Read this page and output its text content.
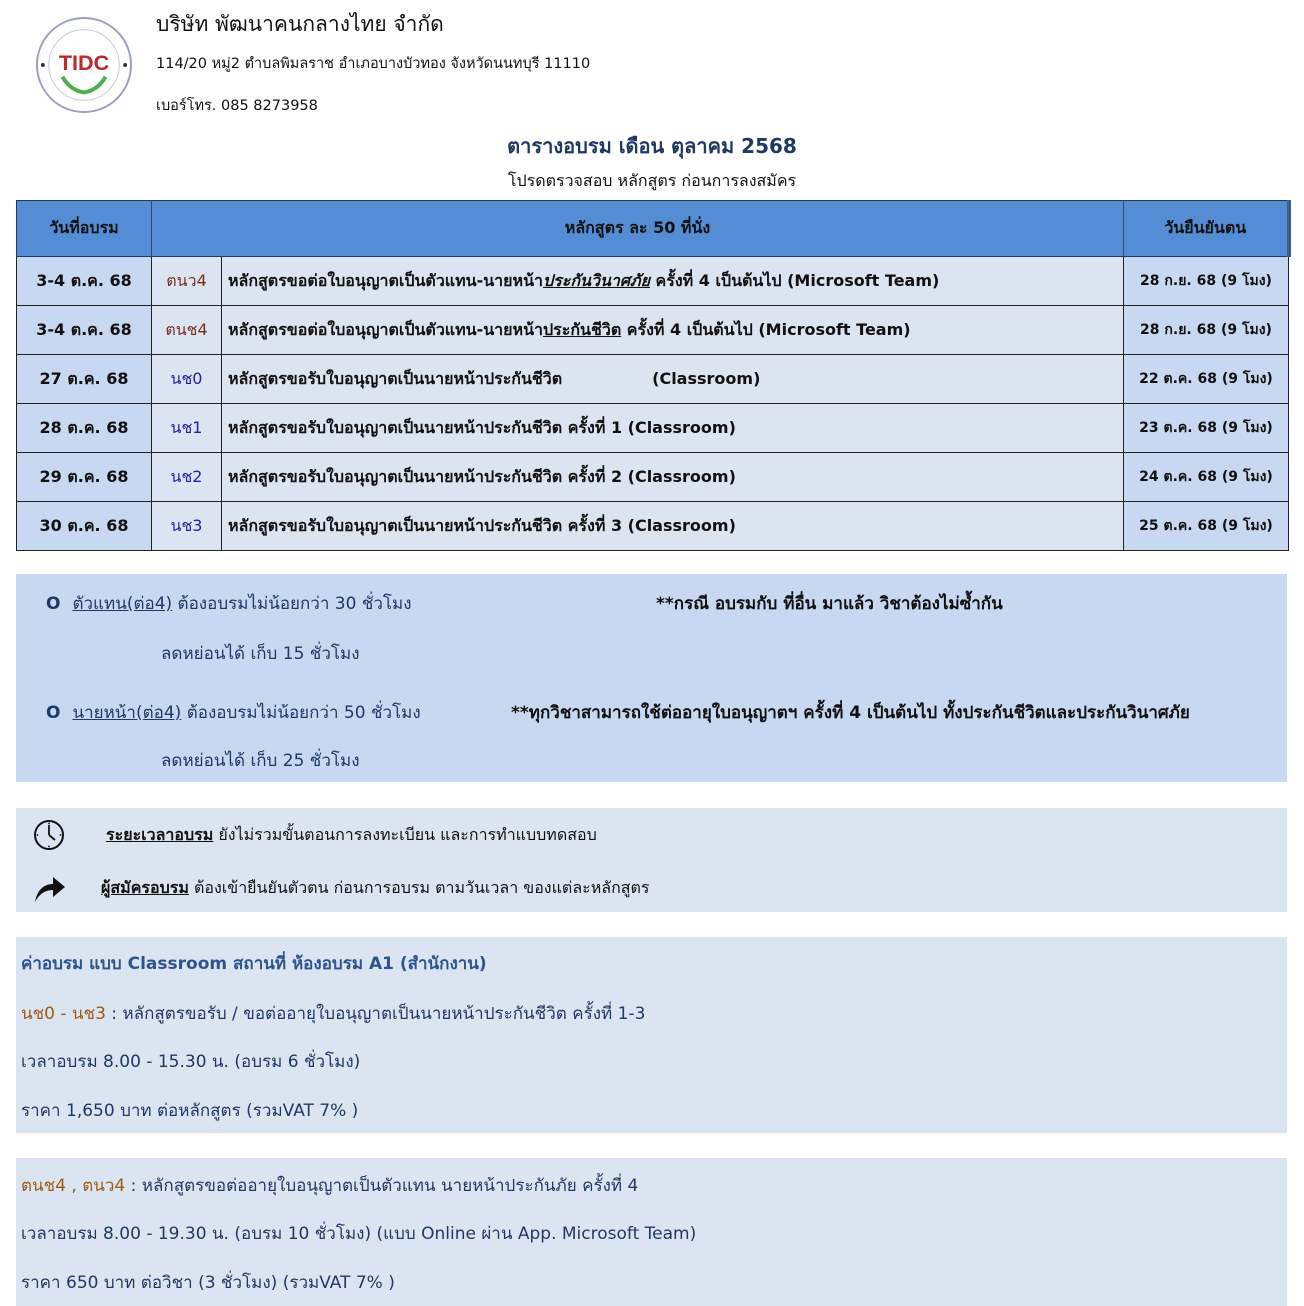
TIDC
บริษัท พัฒนาคนกลางไทย จำกัด
114/20 หมู่2 ตำบลพิมลราช อำเภอบางบัวทอง จังหวัดนนทบุรี 11110
เบอร์โทร. 085 8273958
ตารางอบรม เดือน ตุลาคม 2568
โปรดตรวจสอบ หลักสูตร ก่อนการลงสมัคร
วันที่อบรม	หลักสูตร ละ 50 ที่นั่ง		วันยืนยันตน
3-4 ต.ค. 68	ตนว4	หลักสูตรขอต่อใบอนุญาตเป็นตัวแทน-นายหน้าประกันวินาศภัย ครั้งที่ 4 เป็นต้นไป (Microsoft Team)	28 ก.ย. 68 (9 โมง)
3-4 ต.ค. 68	ตนช4	หลักสูตรขอต่อใบอนุญาตเป็นตัวแทน-นายหน้าประกันชีวิต ครั้งที่ 4 เป็นต้นไป (Microsoft Team)	28 ก.ย. 68 (9 โมง)
27 ต.ค. 68	นช0	หลักสูตรขอรับใบอนุญาตเป็นนายหน้าประกันชีวิต (Classroom)	22 ต.ค. 68 (9 โมง)
28 ต.ค. 68	นช1	หลักสูตรขอรับใบอนุญาตเป็นนายหน้าประกันชีวิต ครั้งที่ 1 (Classroom)	23 ต.ค. 68 (9 โมง)
29 ต.ค. 68	นช2	หลักสูตรขอรับใบอนุญาตเป็นนายหน้าประกันชีวิต ครั้งที่ 2 (Classroom)	24 ต.ค. 68 (9 โมง)
30 ต.ค. 68	นช3	หลักสูตรขอรับใบอนุญาตเป็นนายหน้าประกันชีวิต ครั้งที่ 3 (Classroom)	25 ต.ค. 68 (9 โมง)
O ตัวแทน(ต่อ4) ต้องอบรมไม่น้อยกว่า 30 ชั่วโมง	**กรณี อบรมกับ ที่อื่น มาแล้ว วิชาต้องไม่ซ้ำกัน
ลดหย่อนได้ เก็บ 15 ชั่วโมง
O นายหน้า(ต่อ4) ต้องอบรมไม่น้อยกว่า 50 ชั่วโมง	**ทุกวิชาสามารถใช้ต่ออายุใบอนุญาตฯ ครั้งที่ 4 เป็นต้นไป ทั้งประกันชีวิตและประกันวินาศภัย
ลดหย่อนได้ เก็บ 25 ชั่วโมง
ระยะเวลาอบรม ยังไม่รวมขั้นตอนการลงทะเบียน และการทำแบบทดสอบ
ผู้สมัครอบรม ต้องเข้ายืนยันตัวตน ก่อนการอบรม ตามวันเวลา ของแต่ละหลักสูตร
ค่าอบรม แบบ Classroom สถานที่ ห้องอบรม A1 (สำนักงาน)
นช0 - นช3 : หลักสูตรขอรับ / ขอต่ออายุใบอนุญาตเป็นนายหน้าประกันชีวิต ครั้งที่ 1-3
เวลาอบรม 8.00 - 15.30 น. (อบรม 6 ชั่วโมง)
ราคา 1,650 บาท ต่อหลักสูตร (รวมVAT 7% )
ตนช4 , ตนว4 : หลักสูตรขอต่ออายุใบอนุญาตเป็นตัวแทน นายหน้าประกันภัย ครั้งที่ 4
เวลาอบรม 8.00 - 19.30 น. (อบรม 10 ชั่วโมง) (แบบ Online ผ่าน App. Microsoft Team)
ราคา 650 บาท ต่อวิชา (3 ชั่วโมง) (รวมVAT 7% )
